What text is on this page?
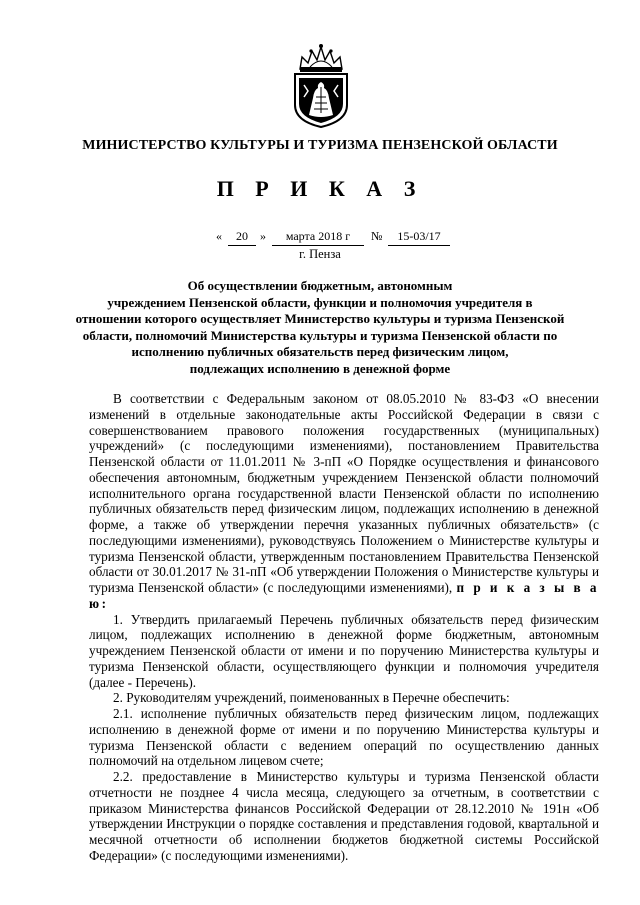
МИНИСТЕРСТВО КУЛЬТУРЫ И ТУРИЗМА ПЕНЗЕНСКОЙ ОБЛАСТИ
П Р И К А З
«	20	»	марта 2018 г	№	15-03/17
г. Пенза
Об осуществлении бюджетным, автономным
учреждением Пензенской области, функции и полномочия учредителя в
отношении которого осуществляет Министерство культуры и туризма Пензенской
области, полномочий Министерства культуры и туризма Пензенской области по
исполнению публичных обязательств перед физическим лицом,
подлежащих исполнению в денежной форме

В соответствии с Федеральным законом от 08.05.2010 № 83-ФЗ «О внесении изменений в отдельные законодательные акты Российской Федерации в связи с совершенствованием правового положения государственных (муниципальных) учреждений» (с последующими изменениями), постановлением Правительства Пензенской области от 11.01.2011 № 3-пП «О Порядке осуществления и финансового обеспечения автономным, бюджетным учреждением Пензенской области полномочий исполнительного органа государственной власти Пензенской области по исполнению публичных обязательств перед физическим лицом, подлежащих исполнению в денежной форме, а также об утверждении перечня указанных публичных обязательств» (с последующими изменениями), руководствуясь Положением о Министерстве культуры и туризма Пензенской области, утвержденным постановлением Правительства Пензенской области от 30.01.2017 № 31-пП «Об утверждении Положения о Министерстве культуры и туризма Пензенской области» (с последующими изменениями), п р и к а з ы в а ю:

1. Утвердить прилагаемый Перечень публичных обязательств перед физическим лицом, подлежащих исполнению в денежной форме бюджетным, автономным учреждением Пензенской области от имени и по поручению Министерства культуры и туризма Пензенской области, осуществляющего функции и полномочия учредителя (далее - Перечень).

2. Руководителям учреждений, поименованных в Перечне обеспечить:

2.1. исполнение публичных обязательств перед физическим лицом, подлежащих исполнению в денежной форме от имени и по поручению Министерства культуры и туризма Пензенской области с ведением операций по осуществлению данных полномочий на отдельном лицевом счете;

2.2. предоставление в Министерство культуры и туризма Пензенской области отчетности не позднее 4 числа месяца, следующего за отчетным, в соответствии с приказом Министерства финансов Российской Федерации от 28.12.2010 № 191н «Об утверждении Инструкции о порядке составления и представления годовой, квартальной и месячной отчетности об исполнении бюджетов бюджетной системы Российской Федерации» (с последующими изменениями).
